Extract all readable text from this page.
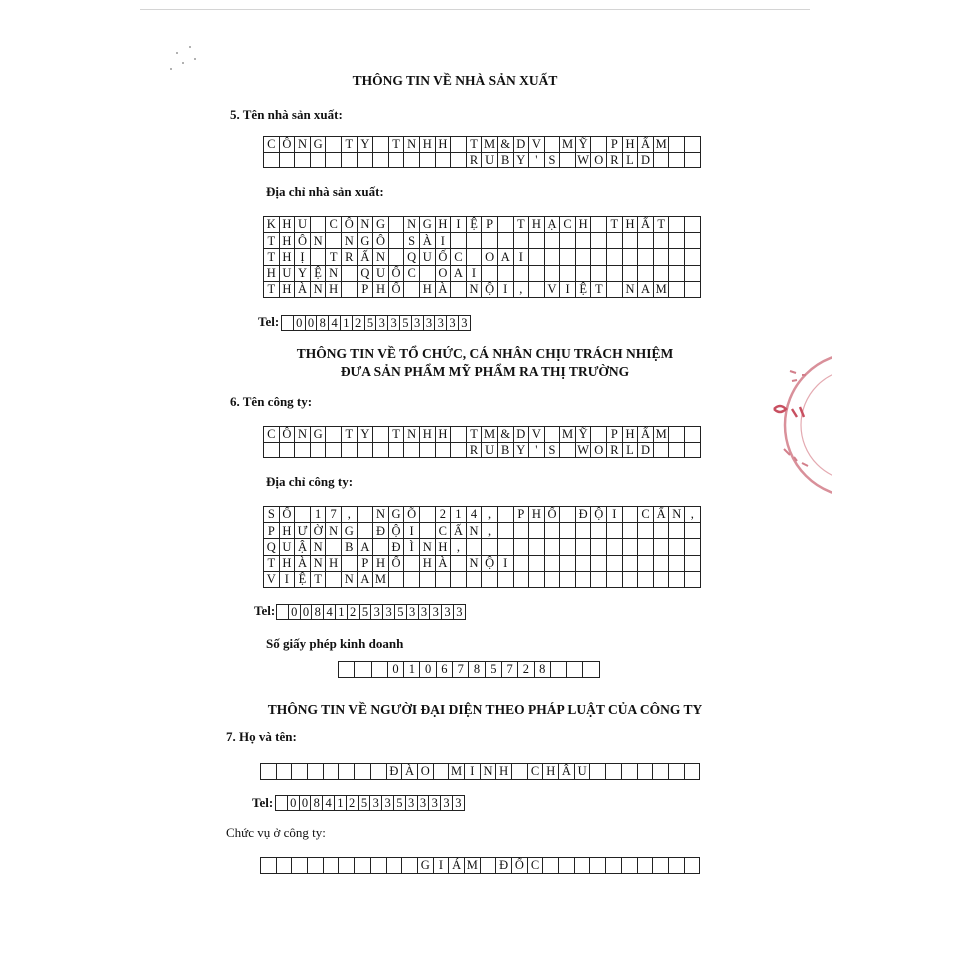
THÔNG TIN VỀ NHÀ SẢN XUẤT
5. Tên nhà sản xuất:
C Ô N G	T Y	T N H H	T M & D V	M Ỹ	P H Ẩ M
R U B Y ' S	W O R L D
Địa chỉ nhà sản xuất:
K H U	C Ô N G	N G H I Ệ P	T H Ạ C H	T H Ấ T
T H Ô N	N G Ô	S À I
T H Ị	T R Ấ N	Q U Ố C	O A I
H U Y Ệ N	Q U Ố C	O A I
T H À N H	P H Ố	H À	N Ộ I ,	V I Ệ T	N A M
Tel: 0 0 8 4 1 2 5 3 3 5 3 3 3 3 3
THÔNG TIN VỀ TỔ CHỨC, CÁ NHÂN CHỊU TRÁCH NHIỆM
ĐƯA SẢN PHẨM MỸ PHẨM RA THỊ TRƯỜNG
6. Tên công ty:
C Ô N G	T Y	T N H H	T M & D V	M Ỹ	P H Ẩ M
R U B Y ' S	W O R L D
Địa chỉ công ty:
S Ố	1 7 ,	N G Õ	2 1 4 ,	P H Ố	Đ Ộ I	C Ấ N ,
P H Ư Ờ N G	Đ Ộ I	C Ấ N ,
Q U Ậ N	B A	Đ Ì N H ,
T H À N H	P H Ố	H À	N Ộ I
V I Ệ T	N A M
Tel: 0 0 8 4 1 2 5 3 3 5 3 3 3 3 3
Số giấy phép kinh doanh
0 1 0 6 7 8 5 7 2 8
THÔNG TIN VỀ NGƯỜI ĐẠI DIỆN THEO PHÁP LUẬT CỦA CÔNG TY
7. Họ và tên:
Đ À O	M I N H	C H Â U
Tel: 0 0 8 4 1 2 5 3 3 5 3 3 3 3 3
Chức vụ ở công ty:
G I Á M Đ Ố C
